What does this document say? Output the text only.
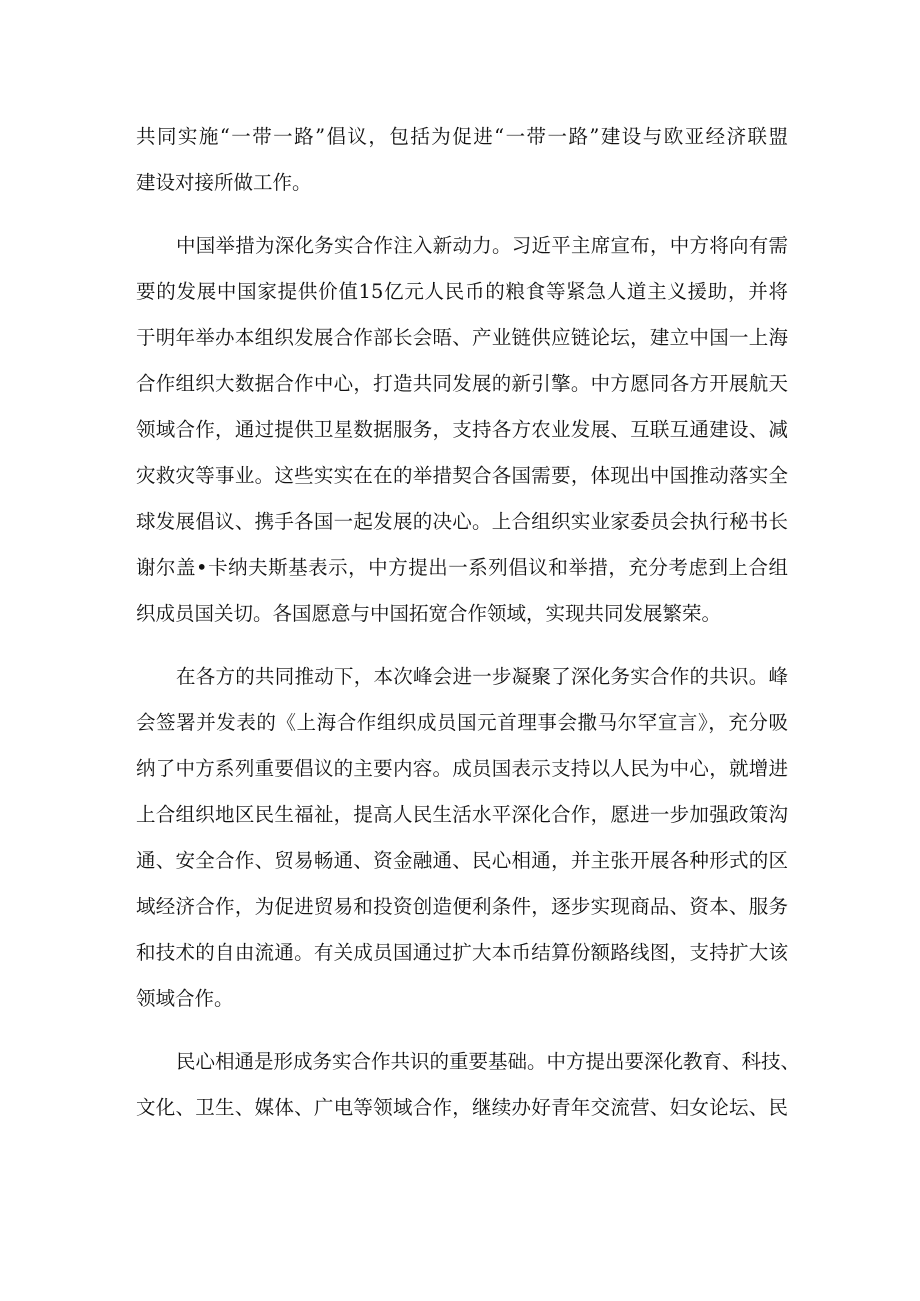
共同实施“一带一路”倡议，包括为促进“一带一路”建设与欧亚经济联盟
建设对接所做工作。
中国举措为深化务实合作注入新动力。习近平主席宣布，中方将向有需
要的发展中国家提供价值15亿元人民币的粮食等紧急人道主义援助，并将
于明年举办本组织发展合作部长会晤、产业链供应链论坛，建立中国一上海
合作组织大数据合作中心，打造共同发展的新引擎。中方愿同各方开展航天
领域合作，通过提供卫星数据服务，支持各方农业发展、互联互通建设、减
灾救灾等事业。这些实实在在的举措契合各国需要，体现出中国推动落实全
球发展倡议、携手各国一起发展的决心。上合组织实业家委员会执行秘书长
谢尔盖•卡纳夫斯基表示，中方提出一系列倡议和举措，充分考虑到上合组
织成员国关切。各国愿意与中国拓宽合作领域，实现共同发展繁荣。
在各方的共同推动下，本次峰会进一步凝聚了深化务实合作的共识。峰
会签署并发表的《上海合作组织成员国元首理事会撒马尔罕宣言》，充分吸
纳了中方系列重要倡议的主要内容。成员国表示支持以人民为中心，就增进
上合组织地区民生福祉，提高人民生活水平深化合作，愿进一步加强政策沟
通、安全合作、贸易畅通、资金融通、民心相通，并主张开展各种形式的区
域经济合作，为促进贸易和投资创造便利条件，逐步实现商品、资本、服务
和技术的自由流通。有关成员国通过扩大本币结算份额路线图，支持扩大该
领域合作。
民心相通是形成务实合作共识的重要基础。中方提出要深化教育、科技、
文化、卫生、媒体、广电等领域合作，继续办好青年交流营、妇女论坛、民
